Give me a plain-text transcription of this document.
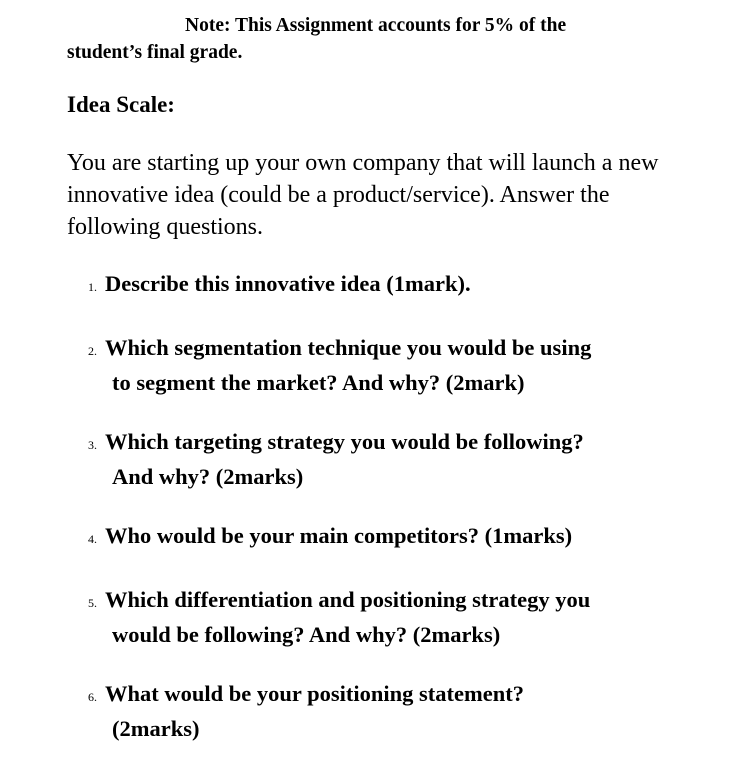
Note: This Assignment accounts for 5% of the
student’s final grade.

Idea Scale:

You are starting up your own company that will launch a new innovative idea (could be a product/service). Answer the following questions.

1. Describe this innovative idea (1mark).

2. Which segmentation technique you would be using
to segment the market? And why? (2mark)

3. Which targeting strategy you would be following?
And why? (2marks)

4. Who would be your main competitors? (1marks)

5. Which differentiation and positioning strategy you
would be following? And why? (2marks)

6. What would be your positioning statement?
(2marks)
